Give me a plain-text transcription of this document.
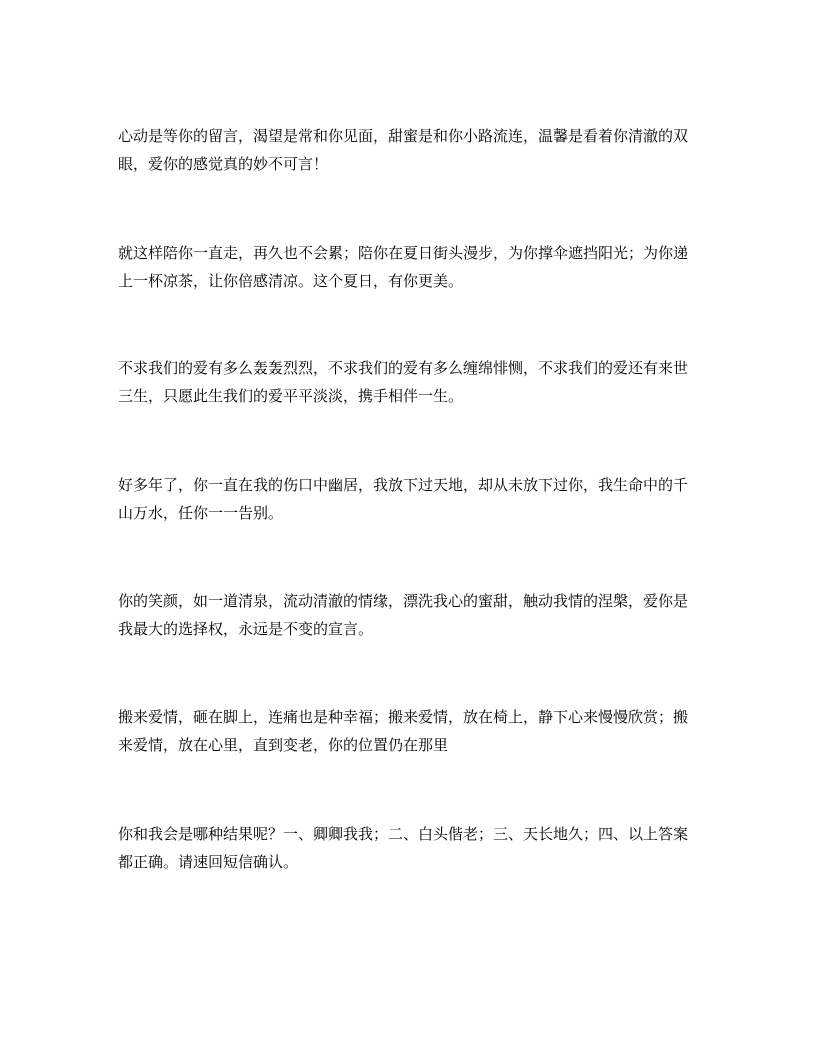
心动是等你的留言，渴望是常和你见面，甜蜜是和你小路流连，温馨是看着你清澈的双眼，爱你的感觉真的妙不可言！

就这样陪你一直走，再久也不会累；陪你在夏日街头漫步，为你撑伞遮挡阳光；为你递上一杯凉茶，让你倍感清凉。这个夏日，有你更美。

不求我们的爱有多么轰轰烈烈，不求我们的爱有多么缠绵悱恻，不求我们的爱还有来世三生，只愿此生我们的爱平平淡淡，携手相伴一生。

好多年了，你一直在我的伤口中幽居，我放下过天地，却从未放下过你，我生命中的千山万水，任你一一告别。

你的笑颜，如一道清泉，流动清澈的情缘，漂洗我心的蜜甜，触动我情的涅槃，爱你是我最大的选择权，永远是不变的宣言。

搬来爱情，砸在脚上，连痛也是种幸福；搬来爱情，放在椅上，静下心来慢慢欣赏；搬来爱情，放在心里，直到变老，你的位置仍在那里

你和我会是哪种结果呢？一、卿卿我我；二、白头偕老；三、天长地久；四、以上答案都正确。请速回短信确认。
